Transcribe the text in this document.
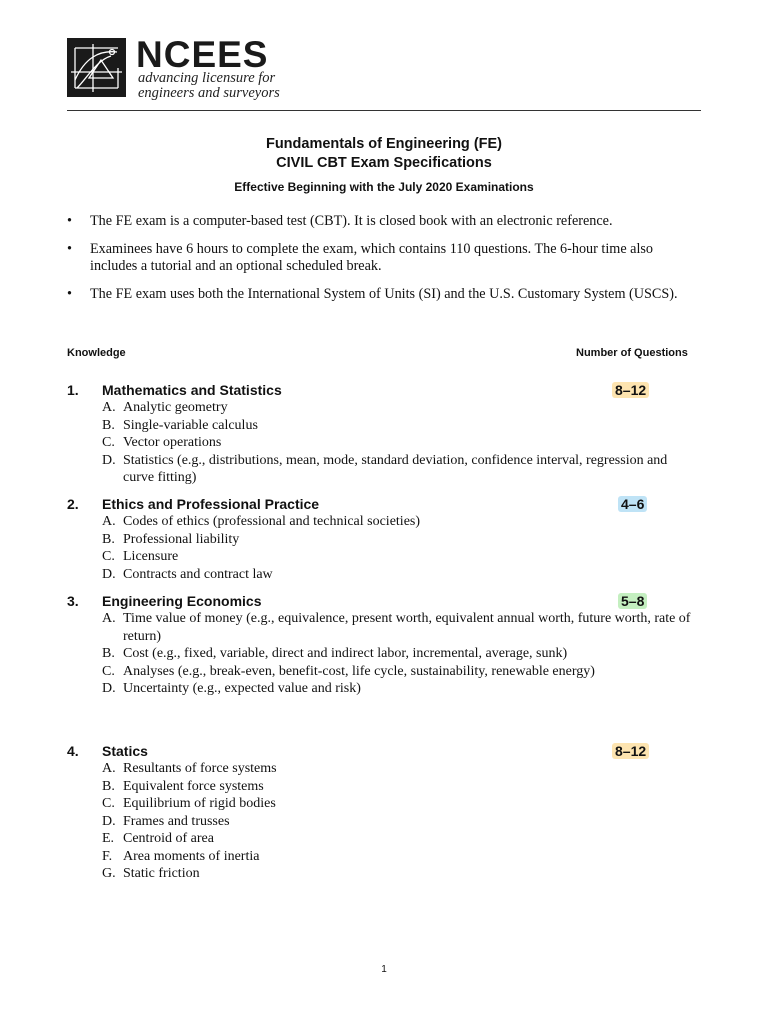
NCEES
advancing licensure for
engineers and surveyors
Fundamentals of Engineering (FE)
CIVIL CBT Exam Specifications
Effective Beginning with the July 2020 Examinations
• The FE exam is a computer-based test (CBT). It is closed book with an electronic reference.
• Examinees have 6 hours to complete the exam, which contains 110 questions. The 6-hour time also includes a tutorial and an optional scheduled break.
• The FE exam uses both the International System of Units (SI) and the U.S. Customary System (USCS).
Knowledge	Number of Questions
1. Mathematics and Statistics	8–12
A. Analytic geometry
B. Single-variable calculus
C. Vector operations
D. Statistics (e.g., distributions, mean, mode, standard deviation, confidence interval, regression and curve fitting)
2. Ethics and Professional Practice	4–6
A. Codes of ethics (professional and technical societies)
B. Professional liability
C. Licensure
D. Contracts and contract law
3. Engineering Economics	5–8
A. Time value of money (e.g., equivalence, present worth, equivalent annual worth, future worth, rate of return)
B. Cost (e.g., fixed, variable, direct and indirect labor, incremental, average, sunk)
C. Analyses (e.g., break-even, benefit-cost, life cycle, sustainability, renewable energy)
D. Uncertainty (e.g., expected value and risk)
4. Statics	8–12
A. Resultants of force systems
B. Equivalent force systems
C. Equilibrium of rigid bodies
D. Frames and trusses
E. Centroid of area
F. Area moments of inertia
G. Static friction
1
